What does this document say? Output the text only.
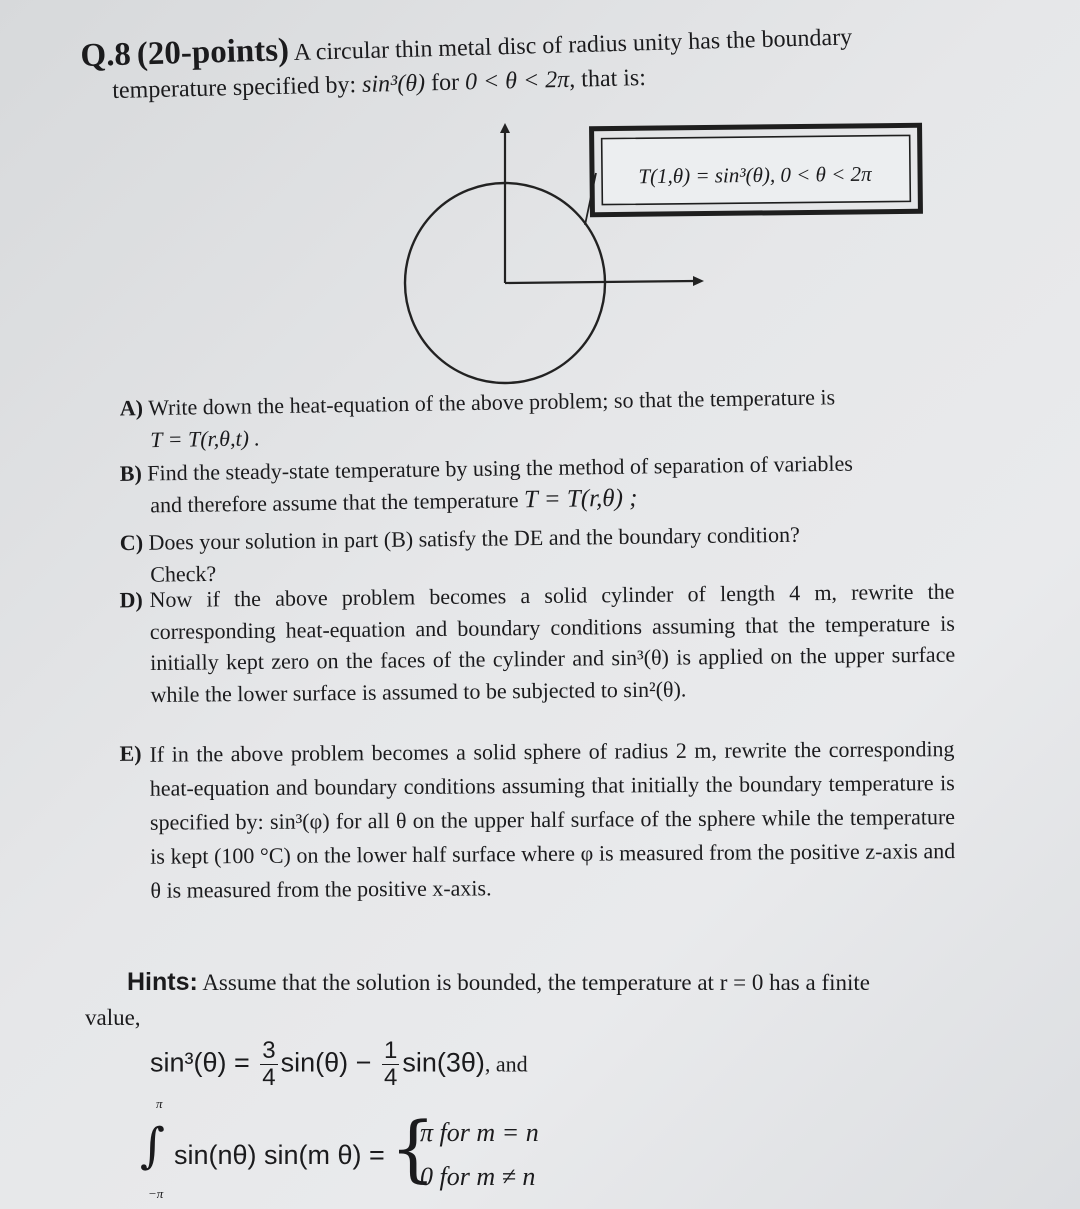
Q.8 (20-points) A circular thin metal disc of radius unity has the boundary
temperature specified by: sin³(θ) for 0 < θ < 2π, that is:
T(1,θ) = sin³(θ), 0 < θ < 2π
A) Write down the heat-equation of the above problem; so that the temperature is
T = T(r,θ,t) .
B) Find the steady-state temperature by using the method of separation of variables
and therefore assume that the temperature T = T(r,θ) ;
C) Does your solution in part (B) satisfy the DE and the boundary condition?
Check?
D) Now if the above problem becomes a solid cylinder of length 4 m, rewrite the corresponding heat-equation and boundary conditions assuming that the temperature is initially kept zero on the faces of the cylinder and sin³(θ) is applied on the upper surface while the lower surface is assumed to be subjected to sin²(θ).
E) If in the above problem becomes a solid sphere of radius 2 m, rewrite the corresponding heat-equation and boundary conditions assuming that initially the boundary temperature is specified by: sin³(φ) for all θ on the upper half surface of the sphere while the temperature is kept (100 °C) on the lower half surface where φ is measured from the positive z-axis and θ is measured from the positive x-axis.
Hints: Assume that the solution is bounded, the temperature at r = 0 has a finite value,
$\sin^3(\theta) = \frac{3}{4} \sin(\theta) - \frac{1}{4} \sin(3\theta)$, and
∫
π
−π
sin(nθ) sin(m θ) = {
π for m = n
0 for m ≠ n
